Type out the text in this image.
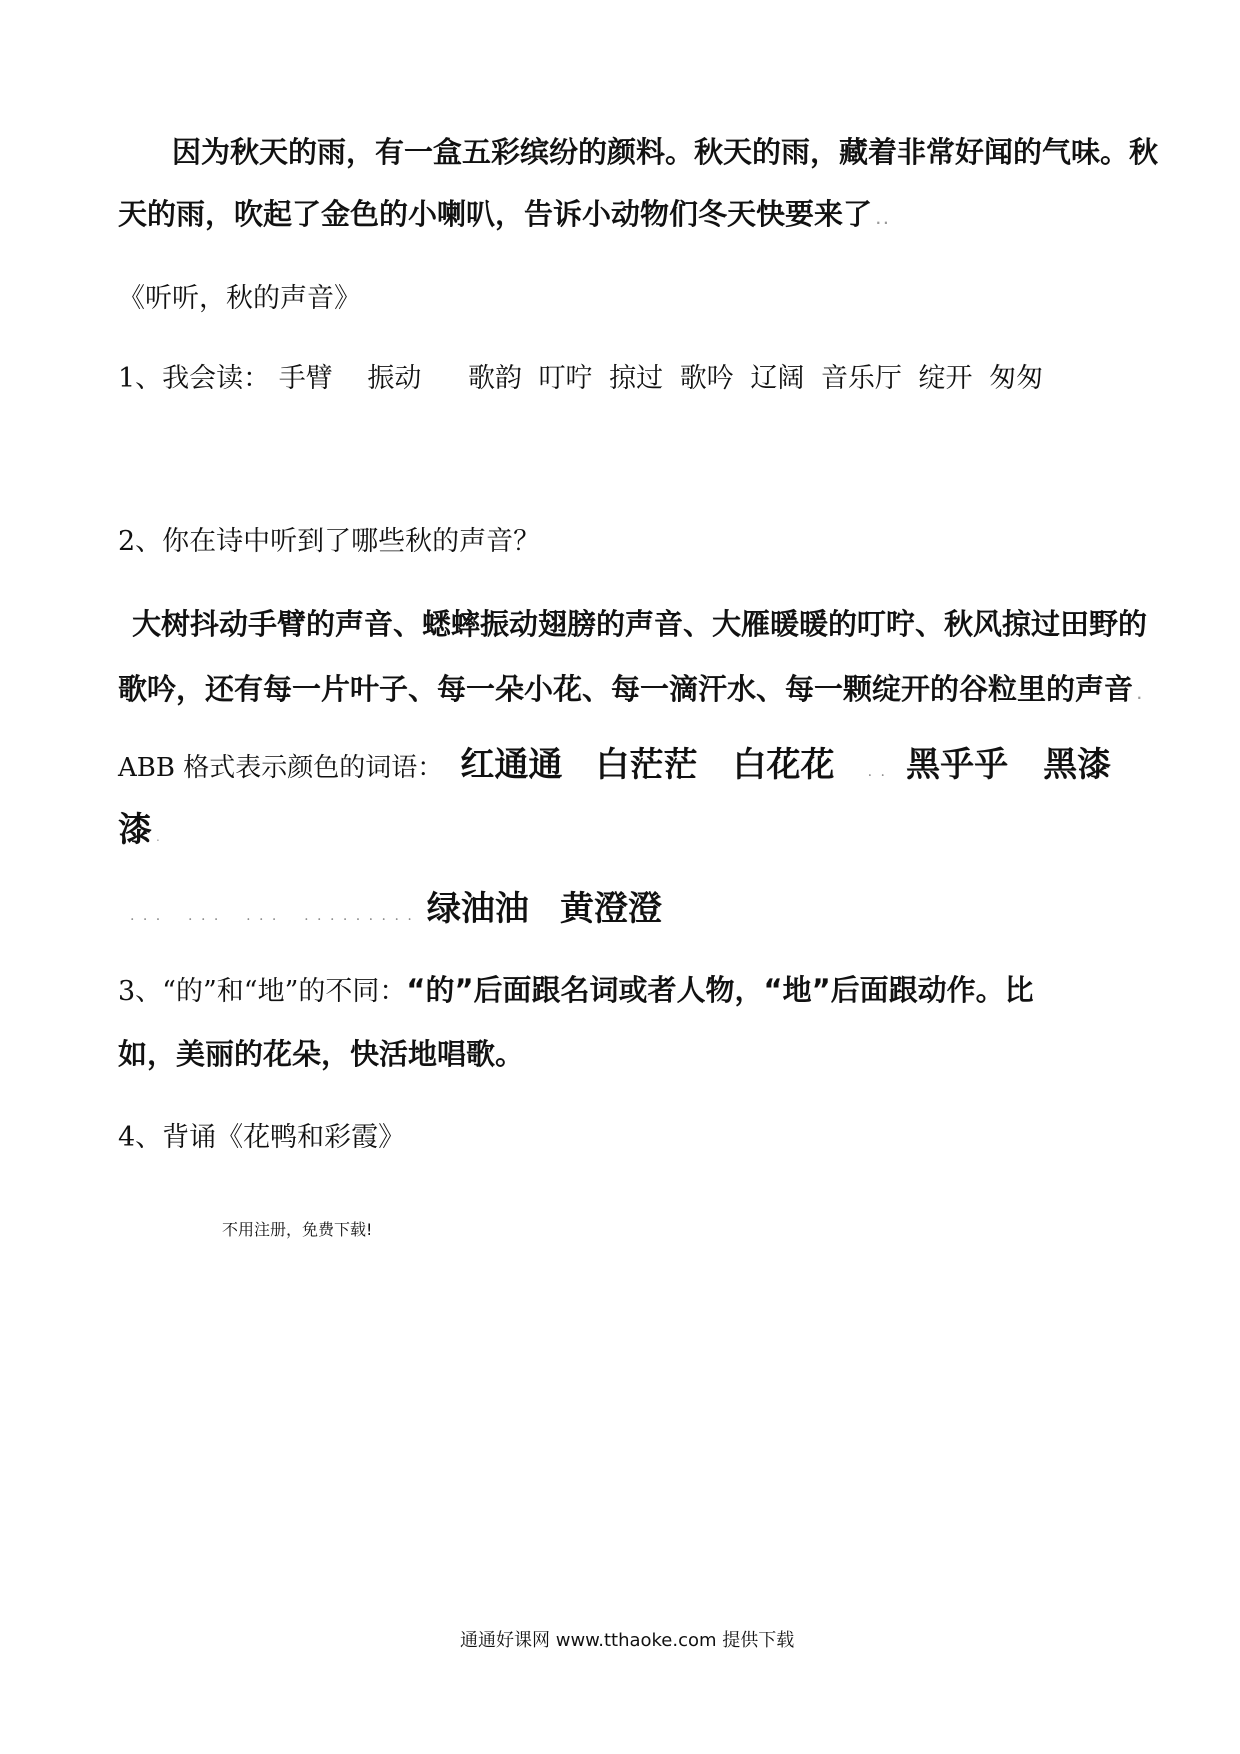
因为秋天的雨，有一盒五彩缤纷的颜料。秋天的雨，藏着非常好闻的气味。秋
天的雨，吹起了金色的小喇叭，告诉小动物们冬天快要来了 ..
《听听，秋的声音》
1、我会读： 手臂 振动 歌韵 叮咛 掠过 歌吟 辽阔 音乐厅 绽开 匆匆
2、你在诗中听到了哪些秋的声音？
大树抖动手臂的声音、蟋蟀振动翅膀的声音、大雁暖暖的叮咛、秋风掠过田野的
歌吟，还有每一片叶子、每一朵小花、每一滴汗水、每一颗绽开的谷粒里的声音 .
ABB 格式表示颜色的词语： 红通通 白茫茫 白花花 . . 黑乎乎 黑漆
漆 .
. . .    . . .    . . .    . . . . . . . . . 绿油油 黄澄澄
3、“的”和“地”的不同：“的”后面跟名词或者人物，“地”后面跟动作。比
如，美丽的花朵，快活地唱歌。
4、背诵《花鸭和彩霞》
不用注册，免费下载!
通通好课网 www.tthaoke.com 提供下载
